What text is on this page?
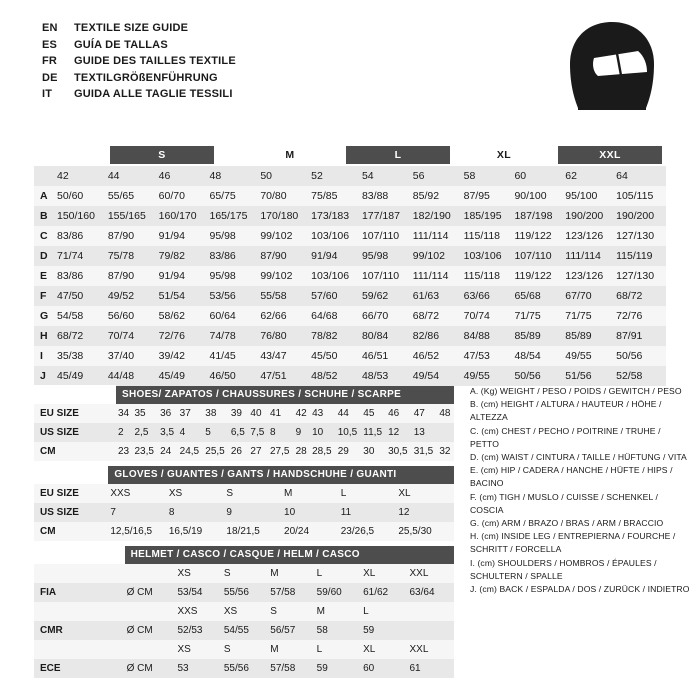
EN	TEXTILE SIZE GUIDE
ES	GUÍA DE TALLAS
FR	GUIDE DES TAILLES TEXTILE
DE	TEXTILGRÖßENFÜHRUNG
IT	GUIDA ALLE TAGLIE TESSILI
S	M	L	XL	XXL
	42	44	46	48	50	52	54	56	58	60	62	64
A	50/60	55/65	60/70	65/75	70/80	75/85	83/88	85/92	87/95	90/100	95/100	105/115
B	150/160	155/165	160/170	165/175	170/180	173/183	177/187	182/190	185/195	187/198	190/200	190/200
C	83/86	87/90	91/94	95/98	99/102	103/106	107/110	111/114	115/118	119/122	123/126	127/130
D	71/74	75/78	79/82	83/86	87/90	91/94	95/98	99/102	103/106	107/110	111/114	115/119
E	83/86	87/90	91/94	95/98	99/102	103/106	107/110	111/114	115/118	119/122	123/126	127/130
F	47/50	49/52	51/54	53/56	55/58	57/60	59/62	61/63	63/66	65/68	67/70	68/72
G	54/58	56/60	58/62	60/64	62/66	64/68	66/70	68/72	70/74	71/75	71/75	72/76
H	68/72	70/74	72/76	74/78	76/80	78/82	80/84	82/86	84/88	85/89	85/89	87/91
I	35/38	37/40	39/42	41/45	43/47	45/50	46/51	46/52	47/53	48/54	49/55	50/56
J	45/49	44/48	45/49	46/50	47/51	48/52	48/53	49/54	49/55	50/56	51/56	52/58

	SHOES/ ZAPATOS / CHAUSSURES / SCHUHE / SCARPE														

EU SIZE	34	35	36	37	38	39	40	41	42	43	44	45	46	47	48
US SIZE	2	2,5	3,5	4	5	6,5	7,5	8	9	10	10,5	11,5	12	13	
CM	23	23,5	24	24,5	25,5	26	27	27,5	28	28,5	29	30	30,5	31,5	32

	GLOVES / GUANTES / GANTS / HANDSCHUHE / GUANTI					

EU SIZE	XXS	XS	S	M	L	XL
US SIZE	7	8	9	10	11	12
CM	12,5/16,5	16,5/19	18/21,5	20/24	23/26,5	25,5/30

	HELMET / CASCO / CASQUE / HELM / CASCO						

		XS	S	M	L	XL	XXL
FIA	Ø CM	53/54	55/56	57/58	59/60	61/62	63/64
		XXS	XS	S	M	L	
CMR	Ø CM	52/53	54/55	56/57	58	59	
		XS	S	M	L	XL	XXL
ECE	Ø CM	53	55/56	57/58	59	60	61
A. (Kg) WEIGHT / PESO / POIDS / GEWITCH / PESO
B. (cm) HEIGHT / ALTURA / HAUTEUR / HÖHE / ALTEZZA
C. (cm) CHEST / PECHO / POITRINE / TRUHE / PETTO
D. (cm) WAIST / CINTURA / TAILLE / HÜFTUNG / VITA
E. (cm) HIP / CADERA / HANCHE / HÜFTE / HIPS / BACINO
F. (cm) TIGH / MUSLO / CUISSE / SCHENKEL / COSCIA
G. (cm) ARM / BRAZO / BRAS / ARM / BRACCIO
H. (cm) INSIDE LEG / ENTREPIERNA / FOURCHE /
SCHRITT / FORCELLA
I. (cm) SHOULDERS / HOMBROS / ÉPAULES /
SCHULTERN / SPALLE
J. (cm) BACK / ESPALDA / DOS / ZURÜCK / INDIETRO
